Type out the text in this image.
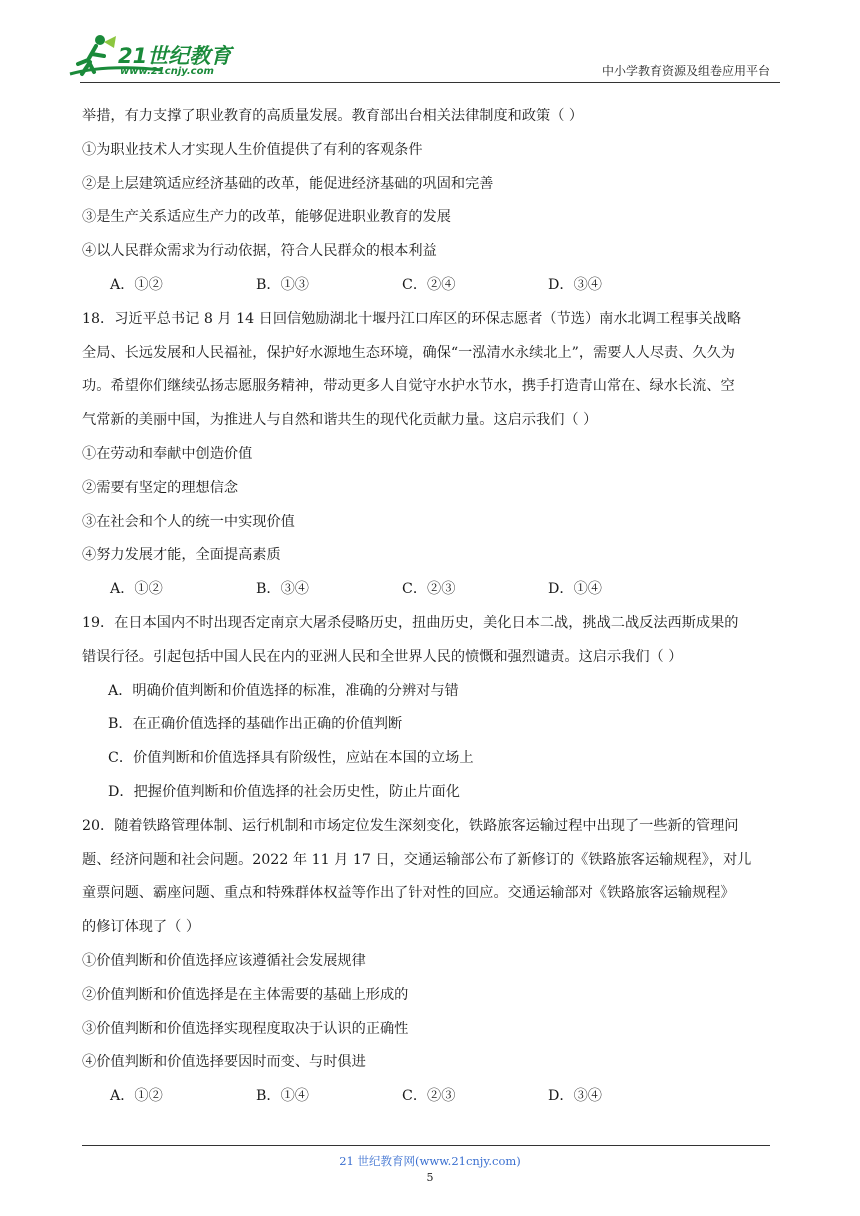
21世纪教育
www.21cnjy.com	中小学教育资源及组卷应用平台
举措，有力支撑了职业教育的高质量发展。教育部出台相关法律制度和政策（ ）
①为职业技术人才实现人生价值提供了有利的客观条件
②是上层建筑适应经济基础的改革，能促进经济基础的巩固和完善
③是生产关系适应生产力的改革，能够促进职业教育的发展
④以人民群众需求为行动依据，符合人民群众的根本利益
A．①②	B．①③	C．②④	D．③④
18．习近平总书记 8 月 14 日回信勉励湖北十堰丹江口库区的环保志愿者（节选）南水北调工程事关战略
全局、长远发展和人民福祉，保护好水源地生态环境，确保“一泓清水永续北上”，需要人人尽责、久久为
功。希望你们继续弘扬志愿服务精神，带动更多人自觉守水护水节水，携手打造青山常在、绿水长流、空
气常新的美丽中国，为推进人与自然和谐共生的现代化贡献力量。这启示我们（ ）
①在劳动和奉献中创造价值
②需要有坚定的理想信念
③在社会和个人的统一中实现价值
④努力发展才能，全面提高素质
A．①②	B．③④	C．②③	D．①④
19．在日本国内不时出现否定南京大屠杀侵略历史，扭曲历史，美化日本二战，挑战二战反法西斯成果的
错误行径。引起包括中国人民在内的亚洲人民和全世界人民的愤慨和强烈谴责。这启示我们（ ）
A．明确价值判断和价值选择的标准，准确的分辨对与错
B．在正确价值选择的基础作出正确的价值判断
C．价值判断和价值选择具有阶级性，应站在本国的立场上
D．把握价值判断和价值选择的社会历史性，防止片面化
20．随着铁路管理体制、运行机制和市场定位发生深刻变化，铁路旅客运输过程中出现了一些新的管理问
题、经济问题和社会问题。2022 年 11 月 17 日，交通运输部公布了新修订的《铁路旅客运输规程》，对儿
童票问题、霸座问题、重点和特殊群体权益等作出了针对性的回应。交通运输部对《铁路旅客运输规程》
的修订体现了（ ）
①价值判断和价值选择应该遵循社会发展规律
②价值判断和价值选择是在主体需要的基础上形成的
③价值判断和价值选择实现程度取决于认识的正确性
④价值判断和价值选择要因时而变、与时俱进
A．①②	B．①④	C．②③	D．③④
21 世纪教育网(www.21cnjy.com)
5
